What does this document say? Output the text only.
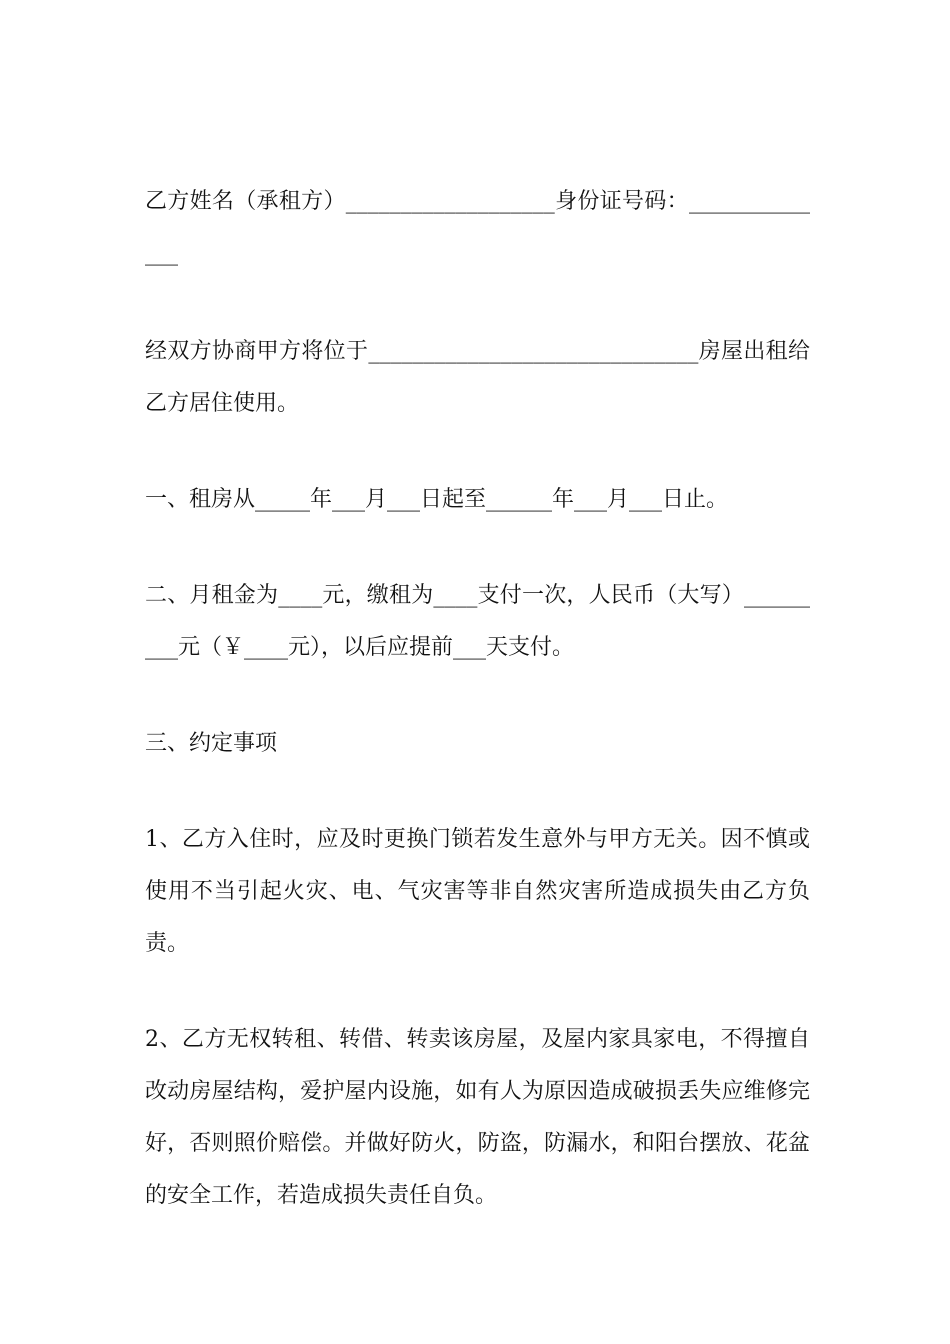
乙方姓名（承租方）___________________身份证号码：______________

经双方协商甲方将位于______________________________房屋出租给乙方居住使用。

一、租房从_____年___月___日起至______年___月___日止。

二、月租金为____元，缴租为____支付一次，人民币（大写）_________元（￥____元），以后应提前___天支付。

三、约定事项

1、乙方入住时，应及时更换门锁若发生意外与甲方无关。因不慎或使用不当引起火灾、电、气灾害等非自然灾害所造成损失由乙方负责。

2、乙方无权转租、转借、转卖该房屋，及屋内家具家电，不得擅自改动房屋结构，爱护屋内设施，如有人为原因造成破损丢失应维修完好，否则照价赔偿。并做好防火，防盗，防漏水，和阳台摆放、花盆的安全工作，若造成损失责任自负。
